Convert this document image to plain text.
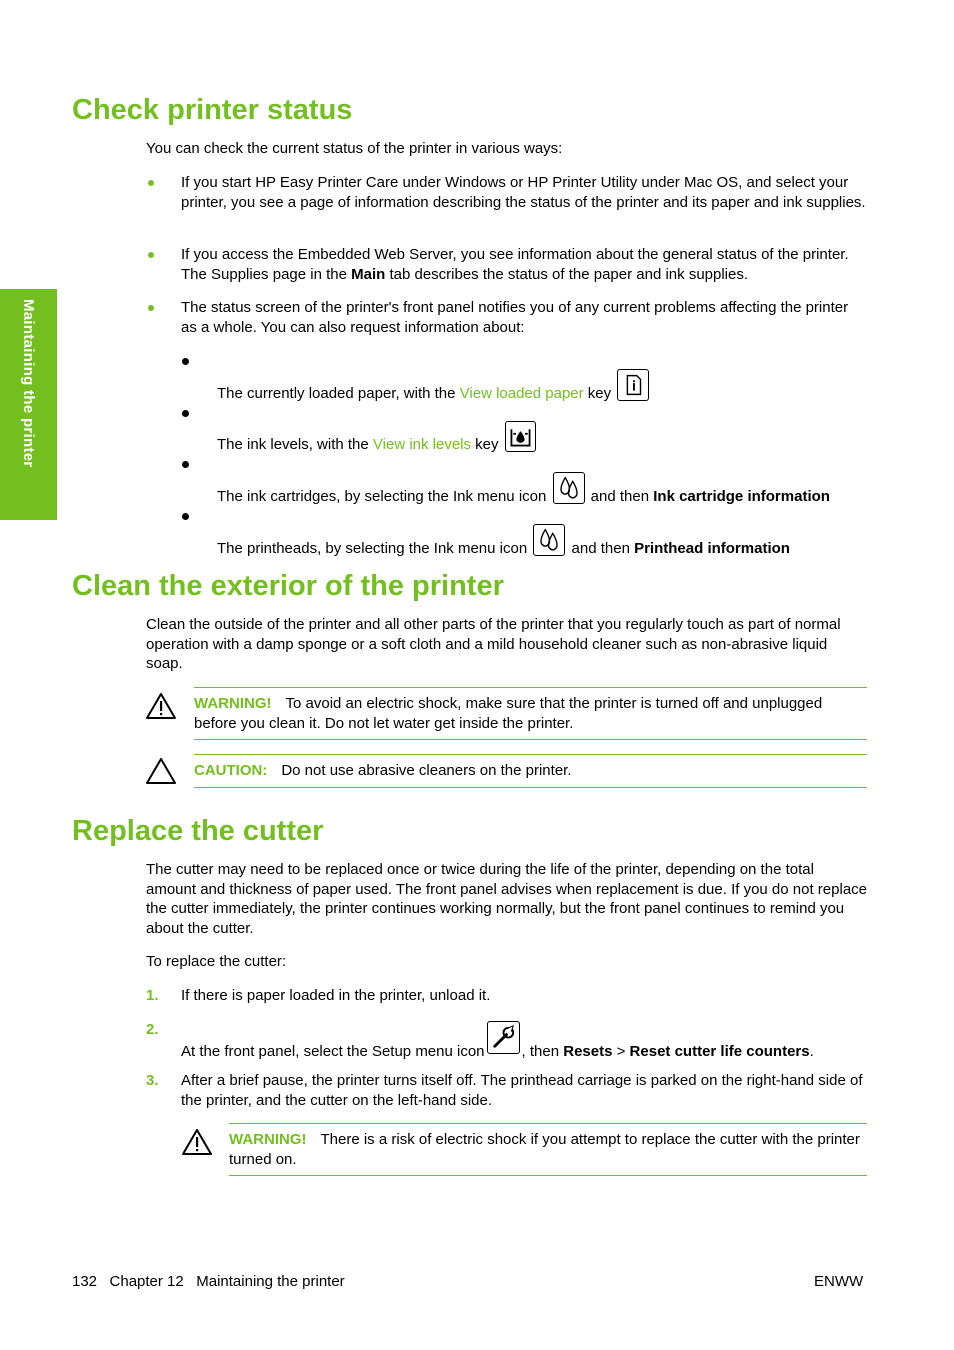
Maintaining the printer
Check printer status

You can check the current status of the printer in various ways:

If you start HP Easy Printer Care under Windows or HP Printer Utility under Mac OS, and select your printer, you see a page of information describing the status of the printer and its paper and ink supplies.
If you access the Embedded Web Server, you see information about the general status of the printer. The Supplies page in the Main tab describes the status of the paper and ink supplies.
The status screen of the printer's front panel notifies you of any current problems affecting the printer as a whole. You can also request information about:
The currently loaded paper, with the View loaded paper key
The ink levels, with the View ink levels key
The ink cartridges, by selecting the Ink menu icon	and then Ink cartridge information
The printheads, by selecting the Ink menu icon	and then Printhead information
Clean the exterior of the printer

Clean the outside of the printer and all other parts of the printer that you regularly touch as part of normal operation with a damp sponge or a soft cloth and a mild household cleaner such as non-abrasive liquid soap.

WARNING! To avoid an electric shock, make sure that the printer is turned off and unplugged before you clean it. Do not let water get inside the printer.
CAUTION: Do not use abrasive cleaners on the printer.
Replace the cutter

The cutter may need to be replaced once or twice during the life of the printer, depending on the total amount and thickness of paper used. The front panel advises when replacement is due. If you do not replace the cutter immediately, the printer continues working normally, but the front panel continues to remind you about the cutter.

To replace the cutter:

1. If there is paper loaded in the printer, unload it.
2.
At the front panel, select the Setup menu icon , then Resets > Reset cutter life counters.
3. After a brief pause, the printer turns itself off. The printhead carriage is parked on the right-hand side of the printer, and the cutter on the left-hand side.
WARNING! There is a risk of electric shock if you attempt to replace the cutter with the printer turned on.
132   Chapter 12   Maintaining the printer	ENWW
